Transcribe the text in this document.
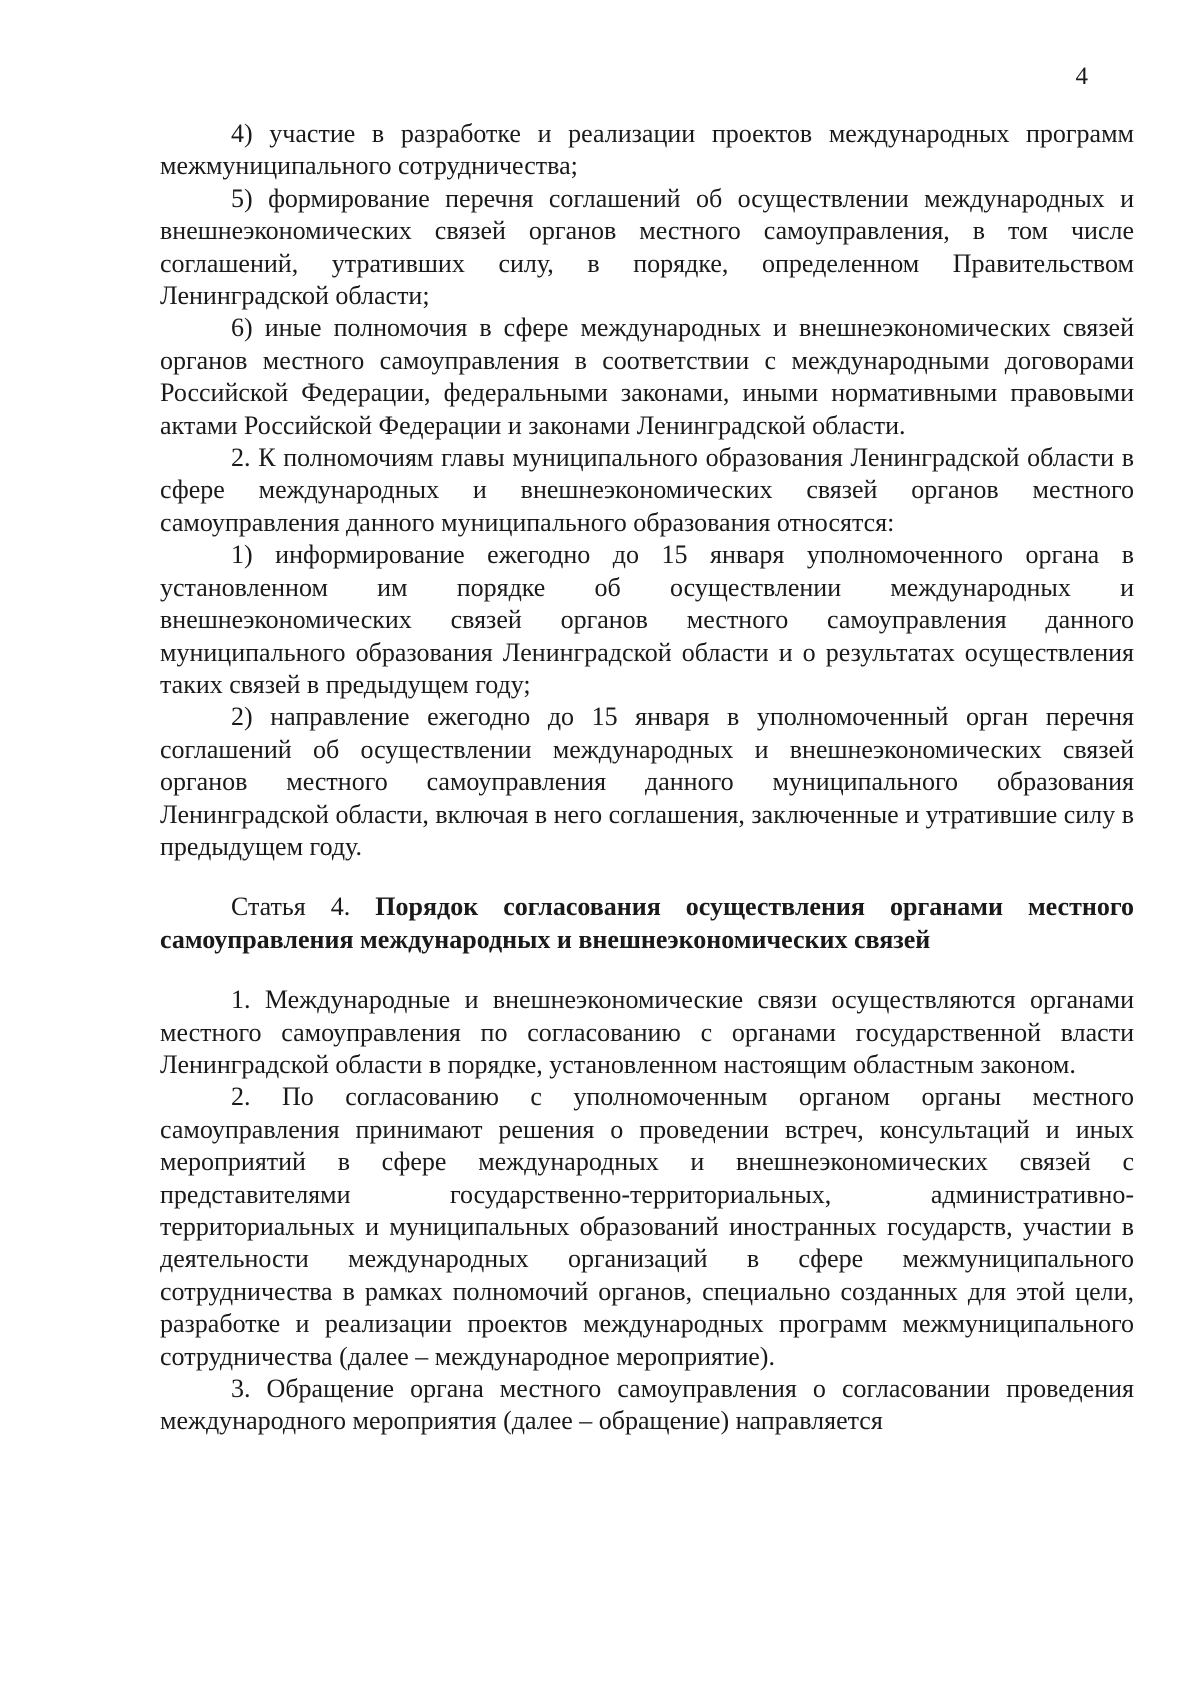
4

4) участие в разработке и реализации проектов международных программ межмуниципального сотрудничества;

5) формирование перечня соглашений об осуществлении международных и внешнеэкономических связей органов местного самоуправления, в том числе соглашений, утративших силу, в порядке, определенном Правительством Ленинградской области;

6) иные полномочия в сфере международных и внешнеэкономических связей органов местного самоуправления в соответствии с международными договорами Российской Федерации, федеральными законами, иными нормативными правовыми актами Российской Федерации и законами Ленинградской области.

2. К полномочиям главы муниципального образования Ленинградской области в сфере международных и внешнеэкономических связей органов местного самоуправления данного муниципального образования относятся:

1) информирование ежегодно до 15 января уполномоченного органа в установленном им порядке об осуществлении международных и внешнеэкономических связей органов местного самоуправления данного муниципального образования Ленинградской области и о результатах осуществления таких связей в предыдущем году;

2) направление ежегодно до 15 января в уполномоченный орган перечня соглашений об осуществлении международных и внешнеэкономических связей органов местного самоуправления данного муниципального образования Ленинградской области, включая в него соглашения, заключенные и утратившие силу в предыдущем году.

Статья 4. Порядок согласования осуществления органами местного самоуправления международных и внешнеэкономических связей

1. Международные и внешнеэкономические связи осуществляются органами местного самоуправления по согласованию с органами государственной власти Ленинградской области в порядке, установленном настоящим областным законом.

2. По согласованию с уполномоченным органом органы местного самоуправления принимают решения о проведении встреч, консультаций и иных мероприятий в сфере международных и внешнеэкономических связей с представителями государственно-территориальных, административно-территориальных и муниципальных образований иностранных государств, участии в деятельности международных организаций в сфере межмуниципального сотрудничества в рамках полномочий органов, специально созданных для этой цели, разработке и реализации проектов международных программ межмуниципального сотрудничества (далее – международное мероприятие).

3. Обращение органа местного самоуправления о согласовании проведения международного мероприятия (далее – обращение) направляется
